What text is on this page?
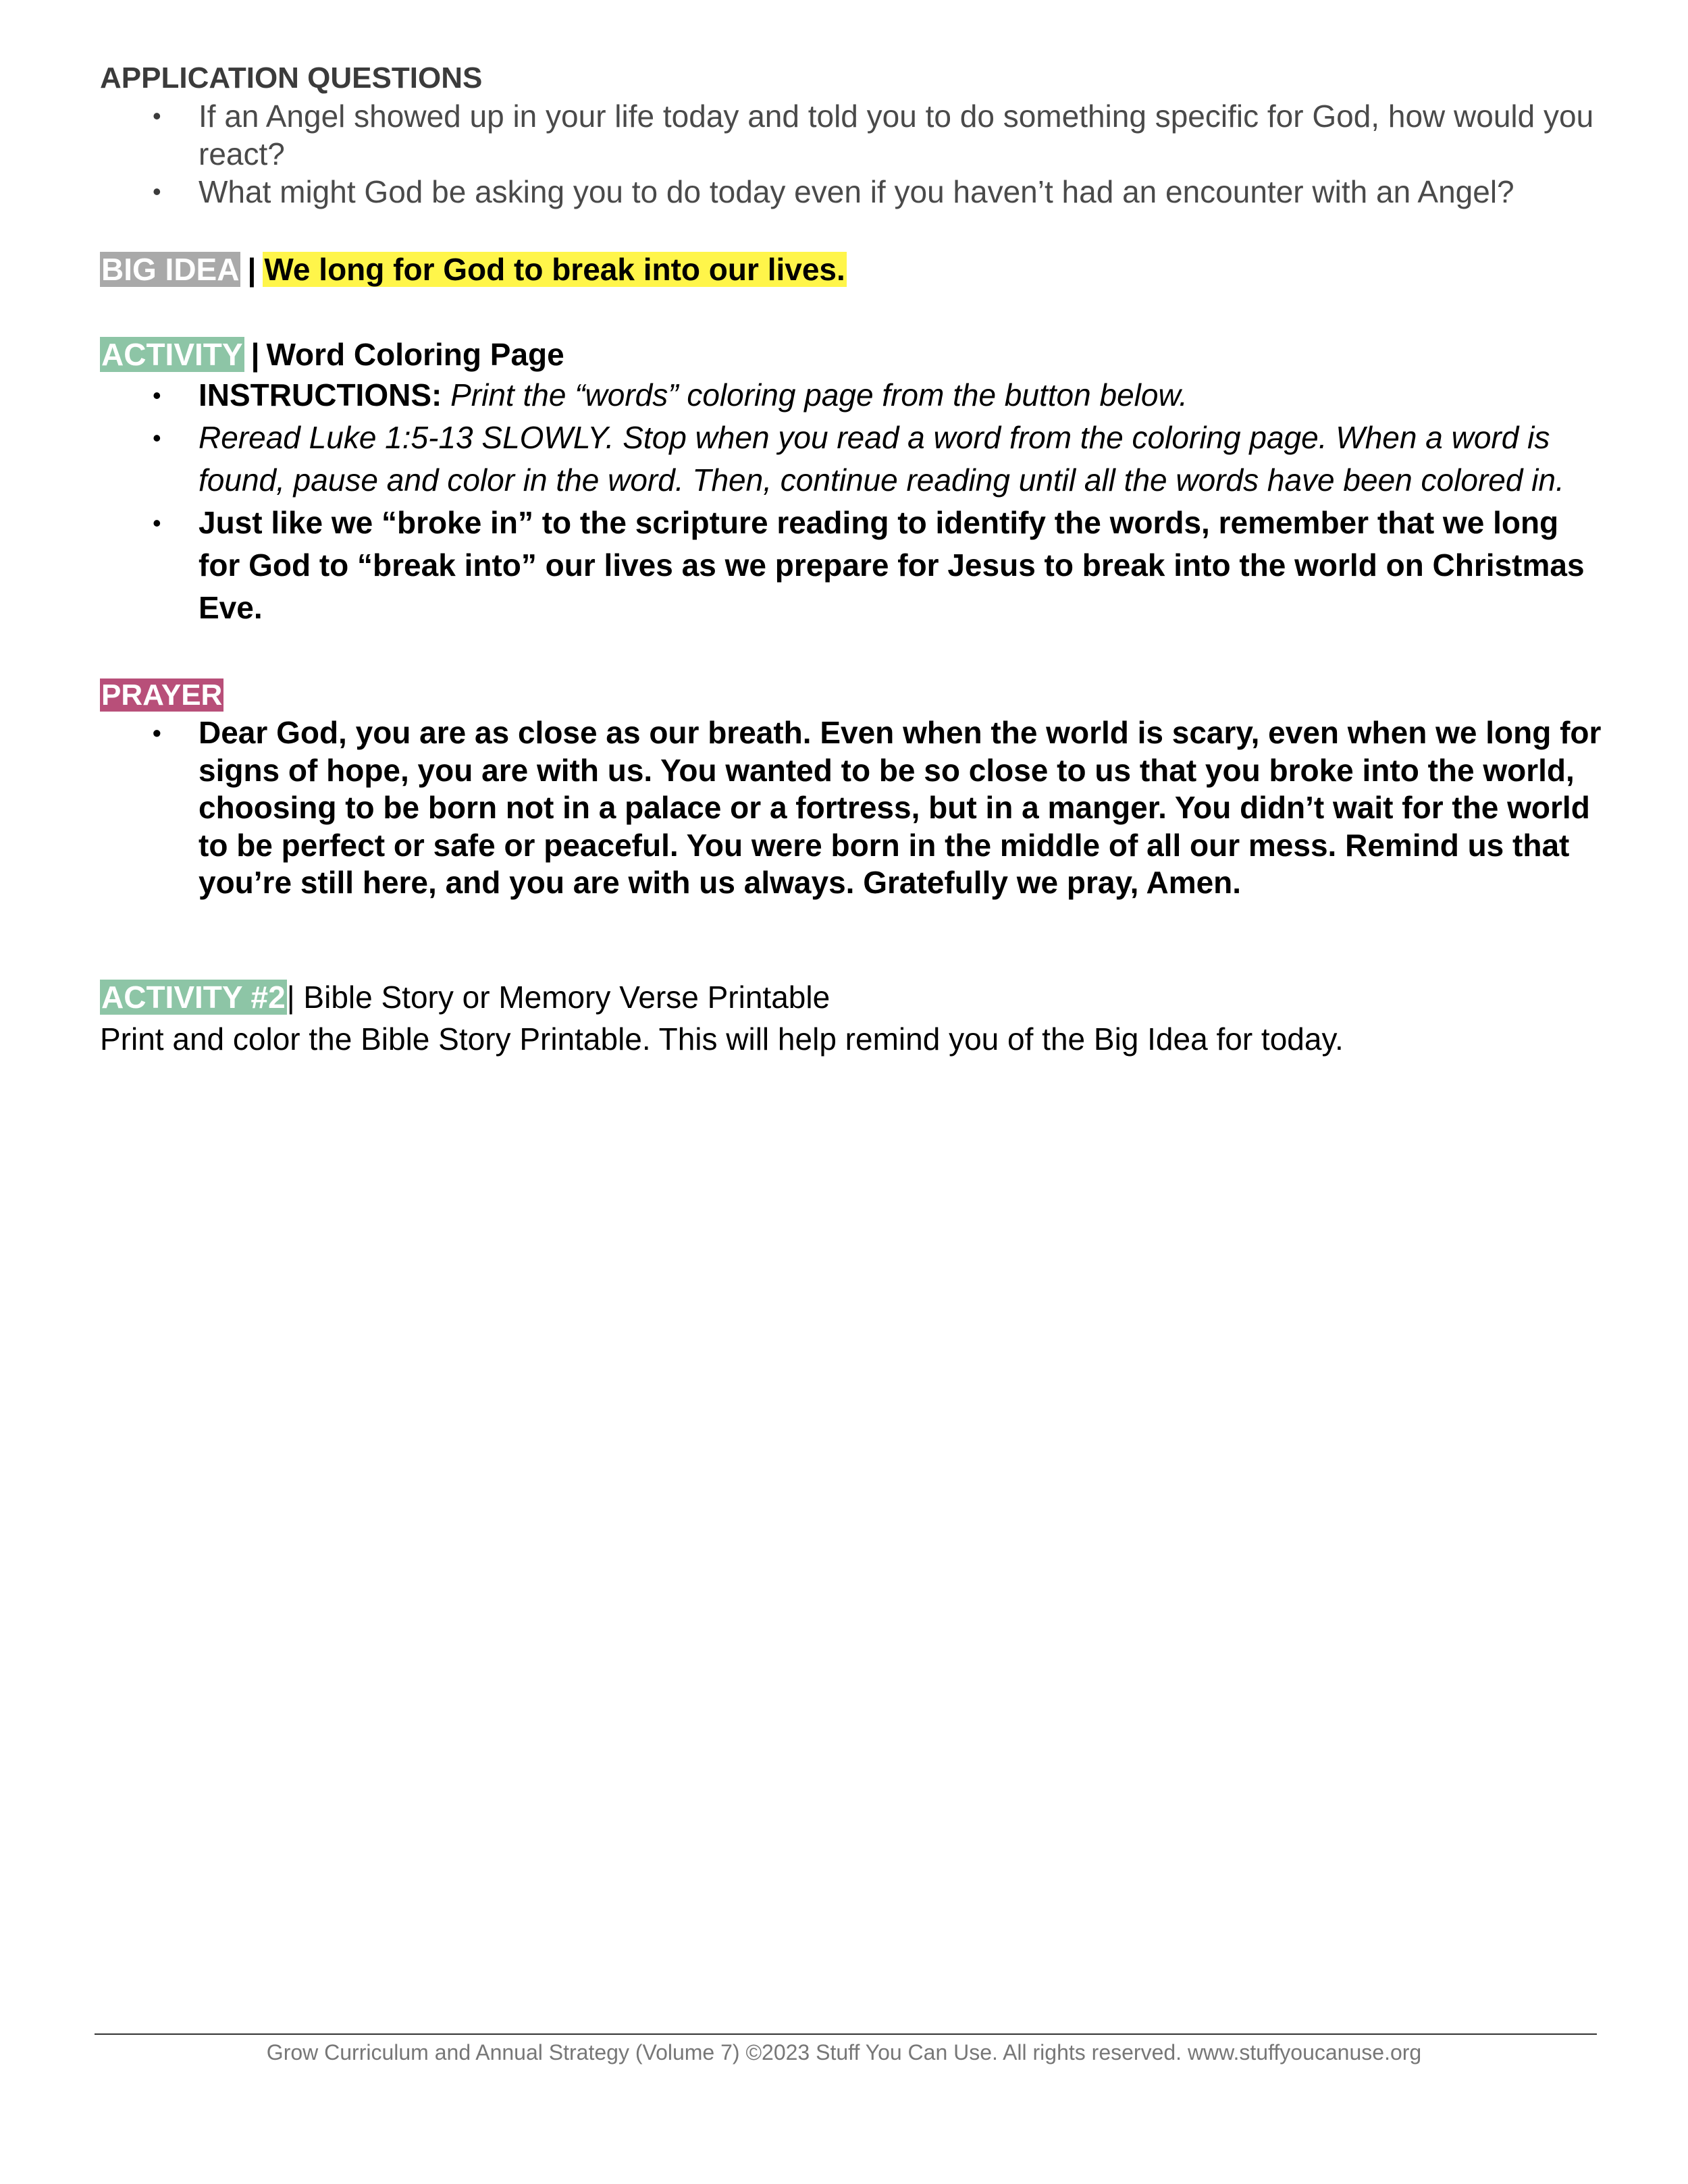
APPLICATION QUESTIONS
• If an Angel showed up in your life today and told you to do something specific for God, how would you react?
• What might God be asking you to do today even if you haven’t had an encounter with an Angel?
BIG IDEA | We long for God to break into our lives.
ACTIVITY | Word Coloring Page
• INSTRUCTIONS: Print the “words” coloring page from the button below.
• Reread Luke 1:5-13 SLOWLY. Stop when you read a word from the coloring page. When a word is found, pause and color in the word. Then, continue reading until all the words have been colored in.
• Just like we “broke in” to the scripture reading to identify the words, remember that we long for God to “break into” our lives as we prepare for Jesus to break into the world on Christmas Eve.
PRAYER
• Dear God, you are as close as our breath. Even when the world is scary, even when we long for signs of hope, you are with us. You wanted to be so close to us that you broke into the world, choosing to be born not in a palace or a fortress, but in a manger. You didn’t wait for the world to be perfect or safe or peaceful. You were born in the middle of all our mess. Remind us that you’re still here, and you are with us always. Gratefully we pray, Amen.
ACTIVITY #2| Bible Story or Memory Verse Printable
Print and color the Bible Story Printable. This will help remind you of the Big Idea for today.
Grow Curriculum and Annual Strategy (Volume 7) ©2023 Stuff You Can Use. All rights reserved. www.stuffyoucanuse.org
